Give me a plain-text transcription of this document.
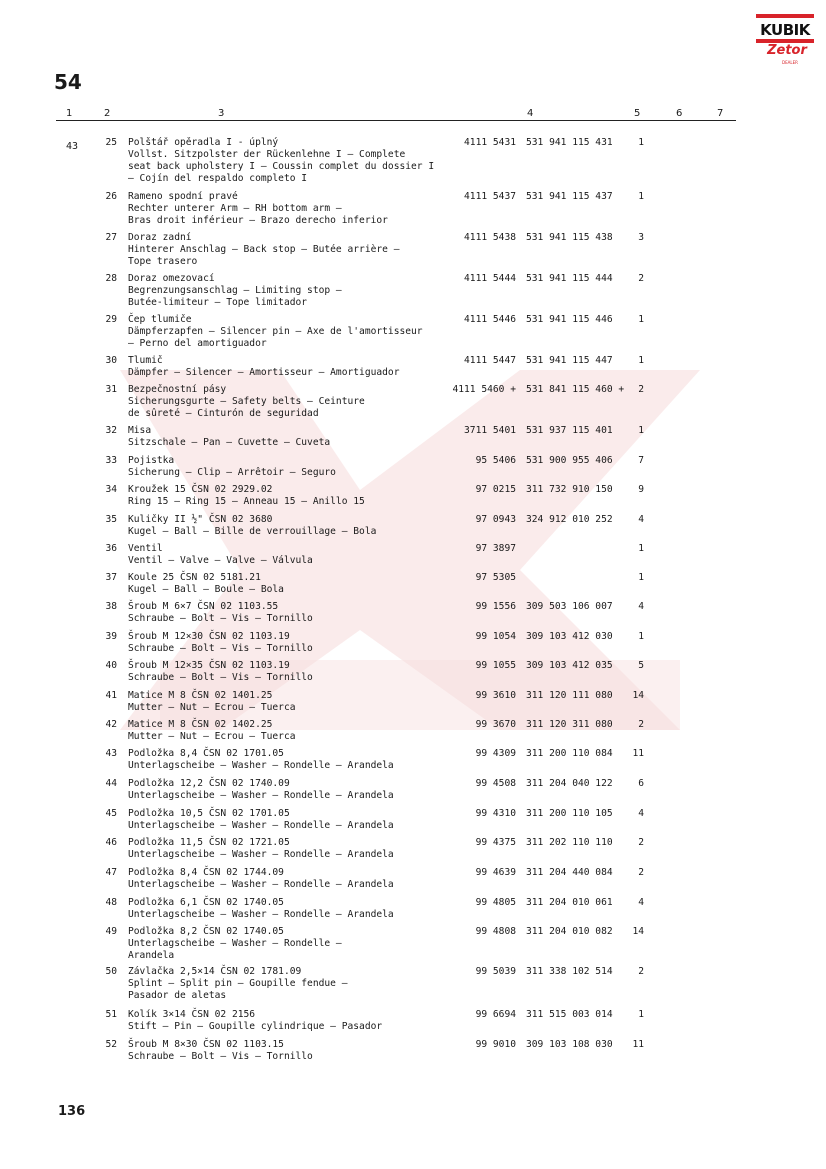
54
KUBIK
Zetor
DEALER
1	2	3	4	5	6	7
43	25 Polštář opěradla I - úplný
Vollst. Sitzpolster der Rückenlehne I — Complete
seat back upholstery I — Coussin complet du dossier I
— Cojín del respaldo completo I
4111 5431 531 941 115 431	1
26 Rameno spodní pravé
Rechter unterer Arm — RH bottom arm —
Bras droit inférieur — Brazo derecho inferior
4111 5437 531 941 115 437	1
27 Doraz zadní
Hinterer Anschlag — Back stop — Butée arrière —
Tope trasero
4111 5438 531 941 115 438	3
28 Doraz omezovací
Begrenzungsanschlag — Limiting stop —
Butée-limiteur — Tope limitador
4111 5444 531 941 115 444	2
29 Čep tlumiče
Dämpferzapfen — Silencer pin — Axe de l'amortisseur
— Perno del amortiguador
4111 5446 531 941 115 446	1
30 Tlumič
Dämpfer — Silencer — Amortisseur — Amortiguador
4111 5447 531 941 115 447	1
31 Bezpečnostní pásy
Sicherungsgurte — Safety belts — Ceinture
de sûreté — Cinturón de seguridad
4111 5460 + 531 841 115 460 +	2
32 Misa
Sitzschale — Pan — Cuvette — Cuveta
3711 5401 531 937 115 401	1
33 Pojistka
Sicherung — Clip — Arrêtoir — Seguro
95 5406 531 900 955 406	7
34 Kroužek 15 ČSN 02 2929.02
Ring 15 — Ring 15 — Anneau 15 — Anillo 15
97 0215 311 732 910 150	9
35 Kuličky II ½" ČSN 02 3680
Kugel — Ball — Bille de verrouillage — Bola
97 0943 324 912 010 252	4
36 Ventil
Ventil — Valve — Valve — Válvula
97 3897	1
37 Koule 25 ČSN 02 5181.21
Kugel — Ball — Boule — Bola
97 5305	1
38 Šroub M 6×7 ČSN 02 1103.55
Schraube — Bolt — Vis — Tornillo
99 1556 309 503 106 007	4
39 Šroub M 12×30 ČSN 02 1103.19
Schraube — Bolt — Vis — Tornillo
99 1054 309 103 412 030	1
40 Šroub M 12×35 ČSN 02 1103.19
Schraube — Bolt — Vis — Tornillo
99 1055 309 103 412 035	5
41 Matice M 8 ČSN 02 1401.25
Mutter — Nut — Ecrou — Tuerca
99 3610 311 120 111 080	14
42 Matice M 8 ČSN 02 1402.25
Mutter — Nut — Ecrou — Tuerca
99 3670 311 120 311 080	2
43 Podložka 8,4 ČSN 02 1701.05
Unterlagscheibe — Washer — Rondelle — Arandela
99 4309 311 200 110 084	11
44 Podložka 12,2 ČSN 02 1740.09
Unterlagscheibe — Washer — Rondelle — Arandela
99 4508 311 204 040 122	6
45 Podložka 10,5 ČSN 02 1701.05
Unterlagscheibe — Washer — Rondelle — Arandela
99 4310 311 200 110 105	4
46 Podložka 11,5 ČSN 02 1721.05
Unterlagscheibe — Washer — Rondelle — Arandela
99 4375 311 202 110 110	2
47 Podložka 8,4 ČSN 02 1744.09
Unterlagscheibe — Washer — Rondelle — Arandela
99 4639 311 204 440 084	2
48 Podložka 6,1 ČSN 02 1740.05
Unterlagscheibe — Washer — Rondelle — Arandela
99 4805 311 204 010 061	4
49 Podložka 8,2 ČSN 02 1740.05
Unterlagscheibe — Washer — Rondelle —
Arandela
99 4808 311 204 010 082	14
50 Závlačka 2,5×14 ČSN 02 1781.09
Splint — Split pin — Goupille fendue —
Pasador de aletas
99 5039 311 338 102 514	2
51 Kolík 3×14 ČSN 02 2156
Stift — Pin — Goupille cylindrique — Pasador
99 6694 311 515 003 014	1
52 Šroub M 8×30 ČSN 02 1103.15
Schraube — Bolt — Vis — Tornillo
99 9010 309 103 108 030	11
136
